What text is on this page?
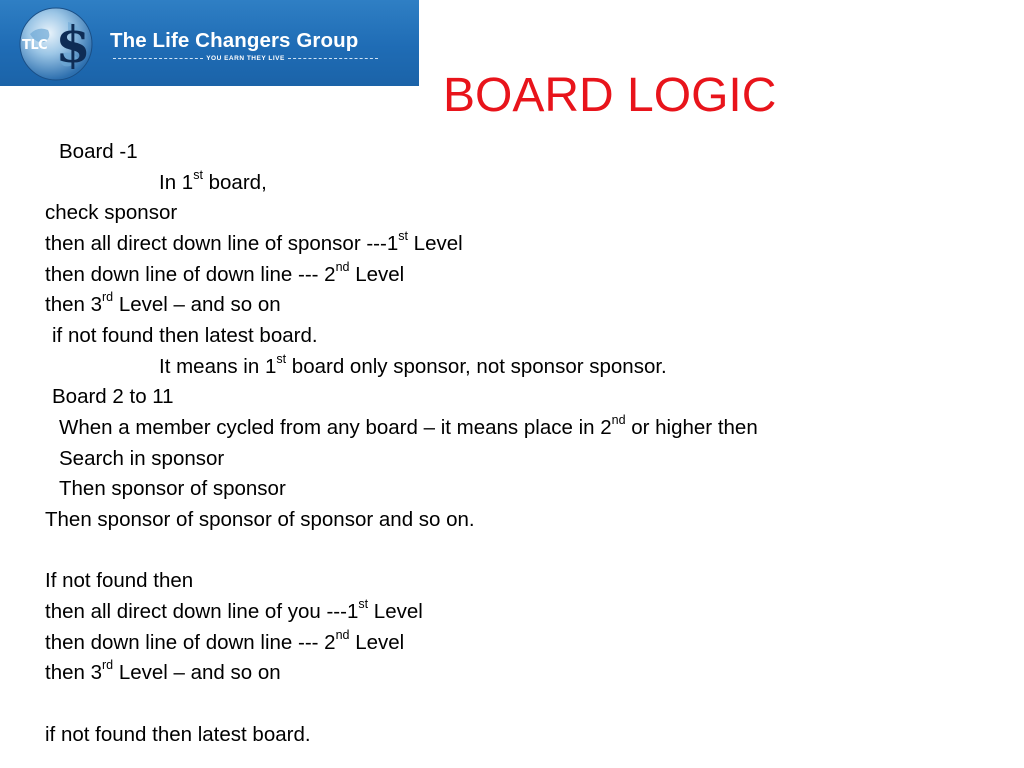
$
TLC	The Life Changers Group
YOU EARN THEY LIVE
BOARD LOGIC
Board -1
In 1st board,
check sponsor
then all direct down line of sponsor ---1st Level
then down line of down line --- 2nd Level
then 3rd Level – and so on
if not found then latest board.
It means in 1st board only sponsor, not sponsor sponsor.
Board 2 to 11
When a member cycled from any board – it means place in 2nd or higher then
Search in sponsor
Then sponsor of sponsor
Then sponsor of sponsor of sponsor and so on.
If not found then
then all direct down line of you ---1st Level
then down line of down line --- 2nd Level
then 3rd Level – and so on
if not found then latest board.
